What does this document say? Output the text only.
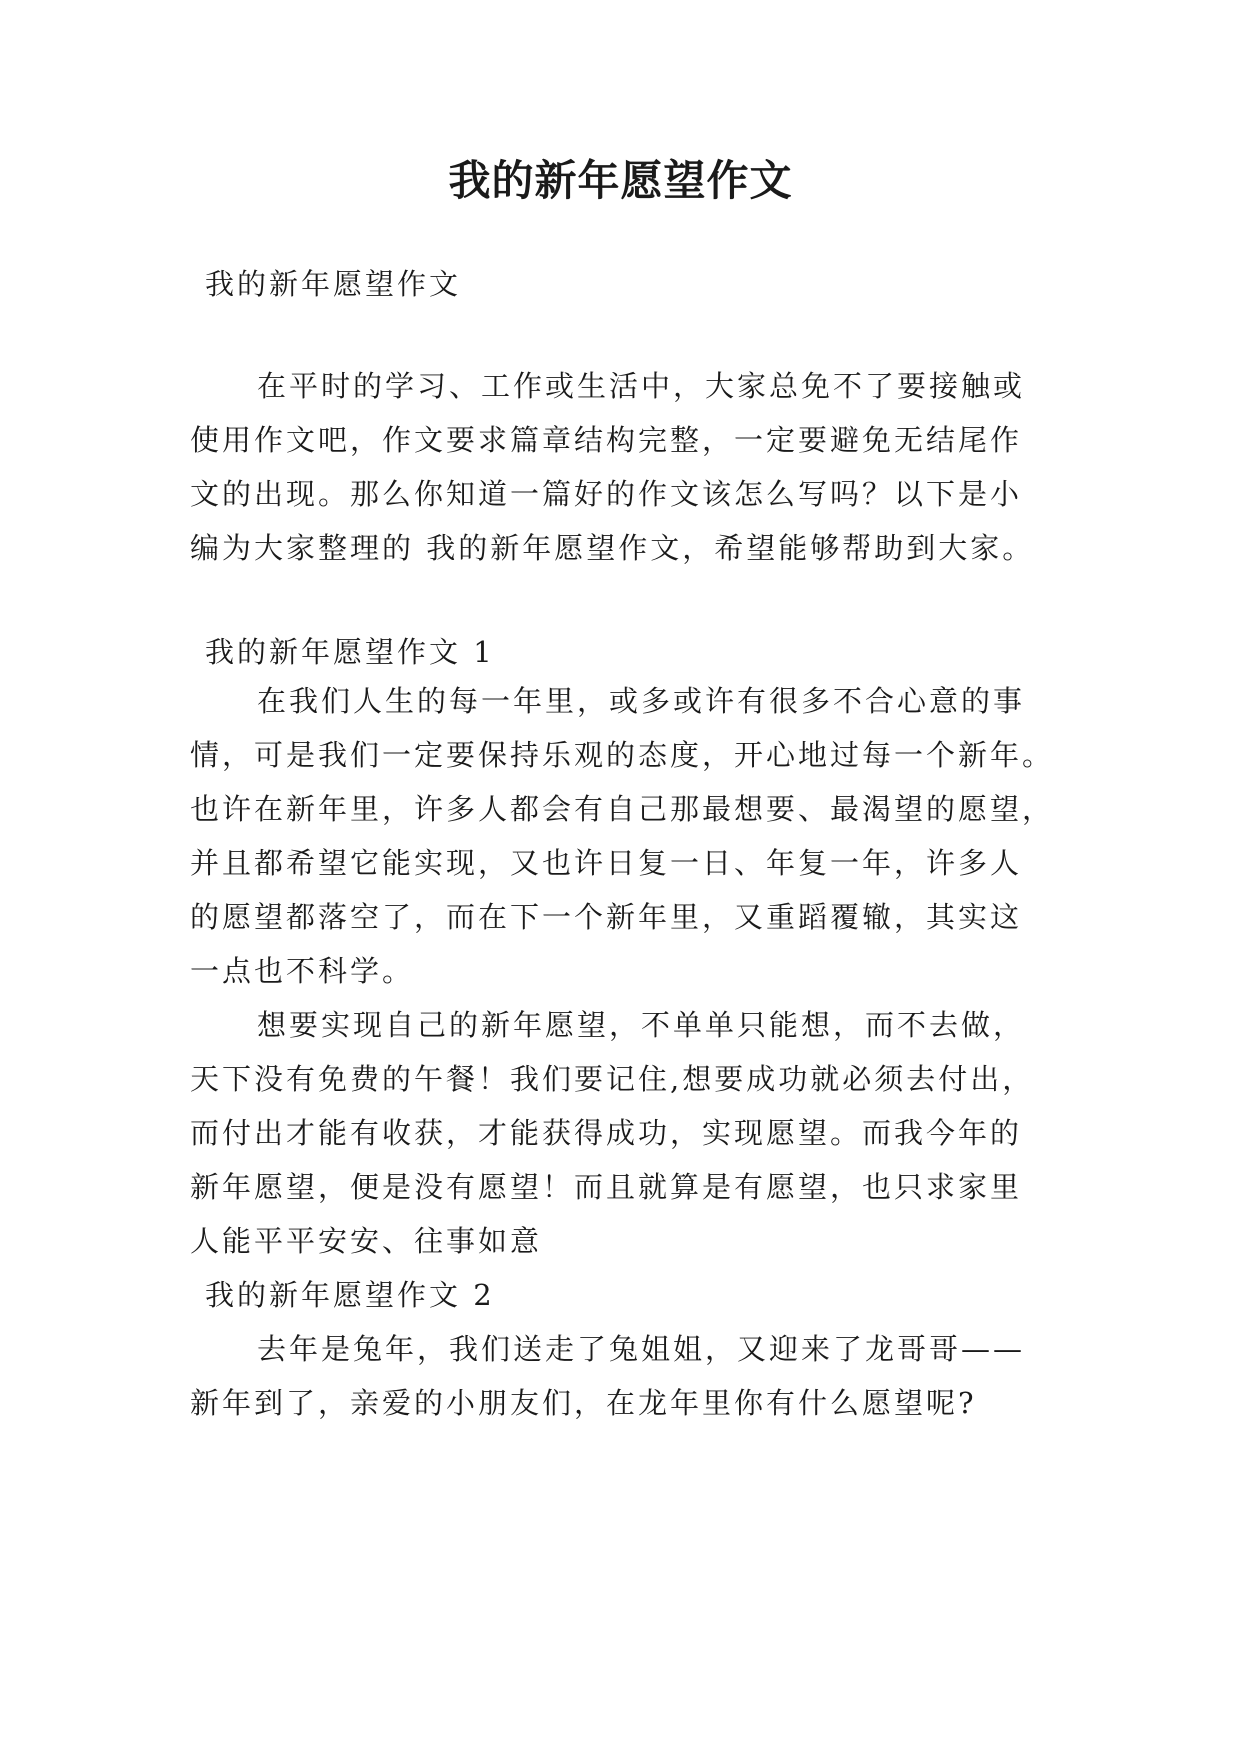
我的新年愿望作文
我的新年愿望作文
在平时的学习、工作或生活中，大家总免不了要接触或
使用作文吧，作文要求篇章结构完整，一定要避免无结尾作
文的出现。那么你知道一篇好的作文该怎么写吗？以下是小
编为大家整理的 我的新年愿望作文，希望能够帮助到大家。
我的新年愿望作文 1
在我们人生的每一年里，或多或许有很多不合心意的事
情，可是我们一定要保持乐观的态度，开心地过每一个新年。
也许在新年里，许多人都会有自己那最想要、最渴望的愿望，
并且都希望它能实现，又也许日复一日、年复一年，许多人
的愿望都落空了，而在下一个新年里，又重蹈覆辙，其实这
一点也不科学。
想要实现自己的新年愿望，不单单只能想，而不去做，
天下没有免费的午餐！我们要记住,想要成功就必须去付出，
而付出才能有收获，才能获得成功，实现愿望。而我今年的
新年愿望，便是没有愿望！而且就算是有愿望，也只求家里
人能平平安安、往事如意
我的新年愿望作文 2
去年是兔年，我们送走了兔姐姐，又迎来了龙哥哥——
新年到了，亲爱的小朋友们，在龙年里你有什么愿望呢?
